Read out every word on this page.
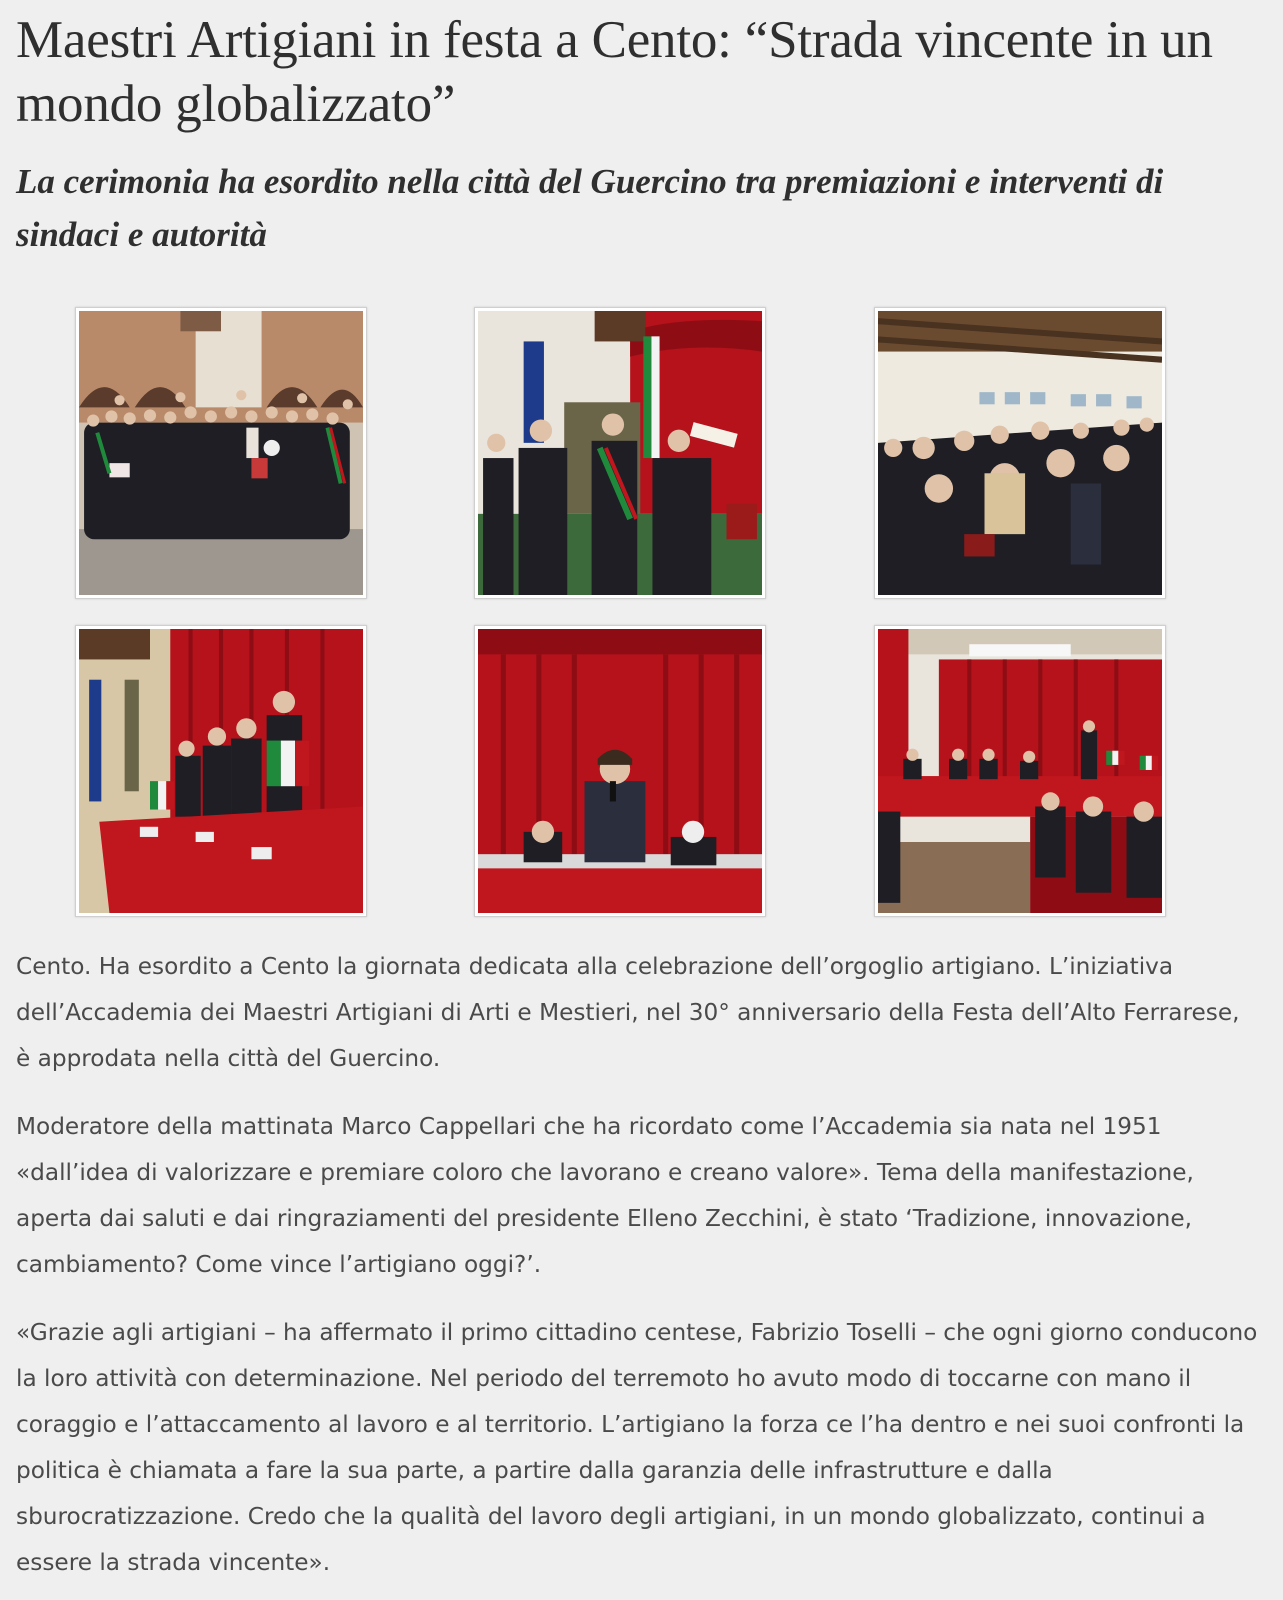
Maestri Artigiani in festa a Cento: “Strada vincente in un mondo globalizzato”
La cerimonia ha esordito nella città del Guercino tra premiazioni e interventi di sindaci e autorità

Cento. Ha esordito a Cento la giornata dedicata alla celebrazione dell’orgoglio artigiano. L’iniziativa dell’Accademia dei Maestri Artigiani di Arti e Mestieri, nel 30° anniversario della Festa dell’Alto Ferrarese, è approdata nella città del Guercino.

Moderatore della mattinata Marco Cappellari che ha ricordato come l’Accademia sia nata nel 1951 «dall’idea di valorizzare e premiare coloro che lavorano e creano valore». Tema della manifestazione, aperta dai saluti e dai ringraziamenti del presidente Elleno Zecchini, è stato ‘Tradizione, innovazione, cambiamento? Come vince l’artigiano oggi?’.

«Grazie agli artigiani – ha affermato il primo cittadino centese, Fabrizio Toselli – che ogni giorno conducono la loro attività con determinazione. Nel periodo del terremoto ho avuto modo di toccarne con mano il coraggio e l’attaccamento al lavoro e al territorio. L’artigiano la forza ce l’ha dentro e nei suoi confronti la politica è chiamata a fare la sua parte, a partire dalla garanzia delle infrastrutture e dalla sburocratizzazione. Credo che la qualità del lavoro degli artigiani, in un mondo globalizzato, continui a essere la strada vincente».
